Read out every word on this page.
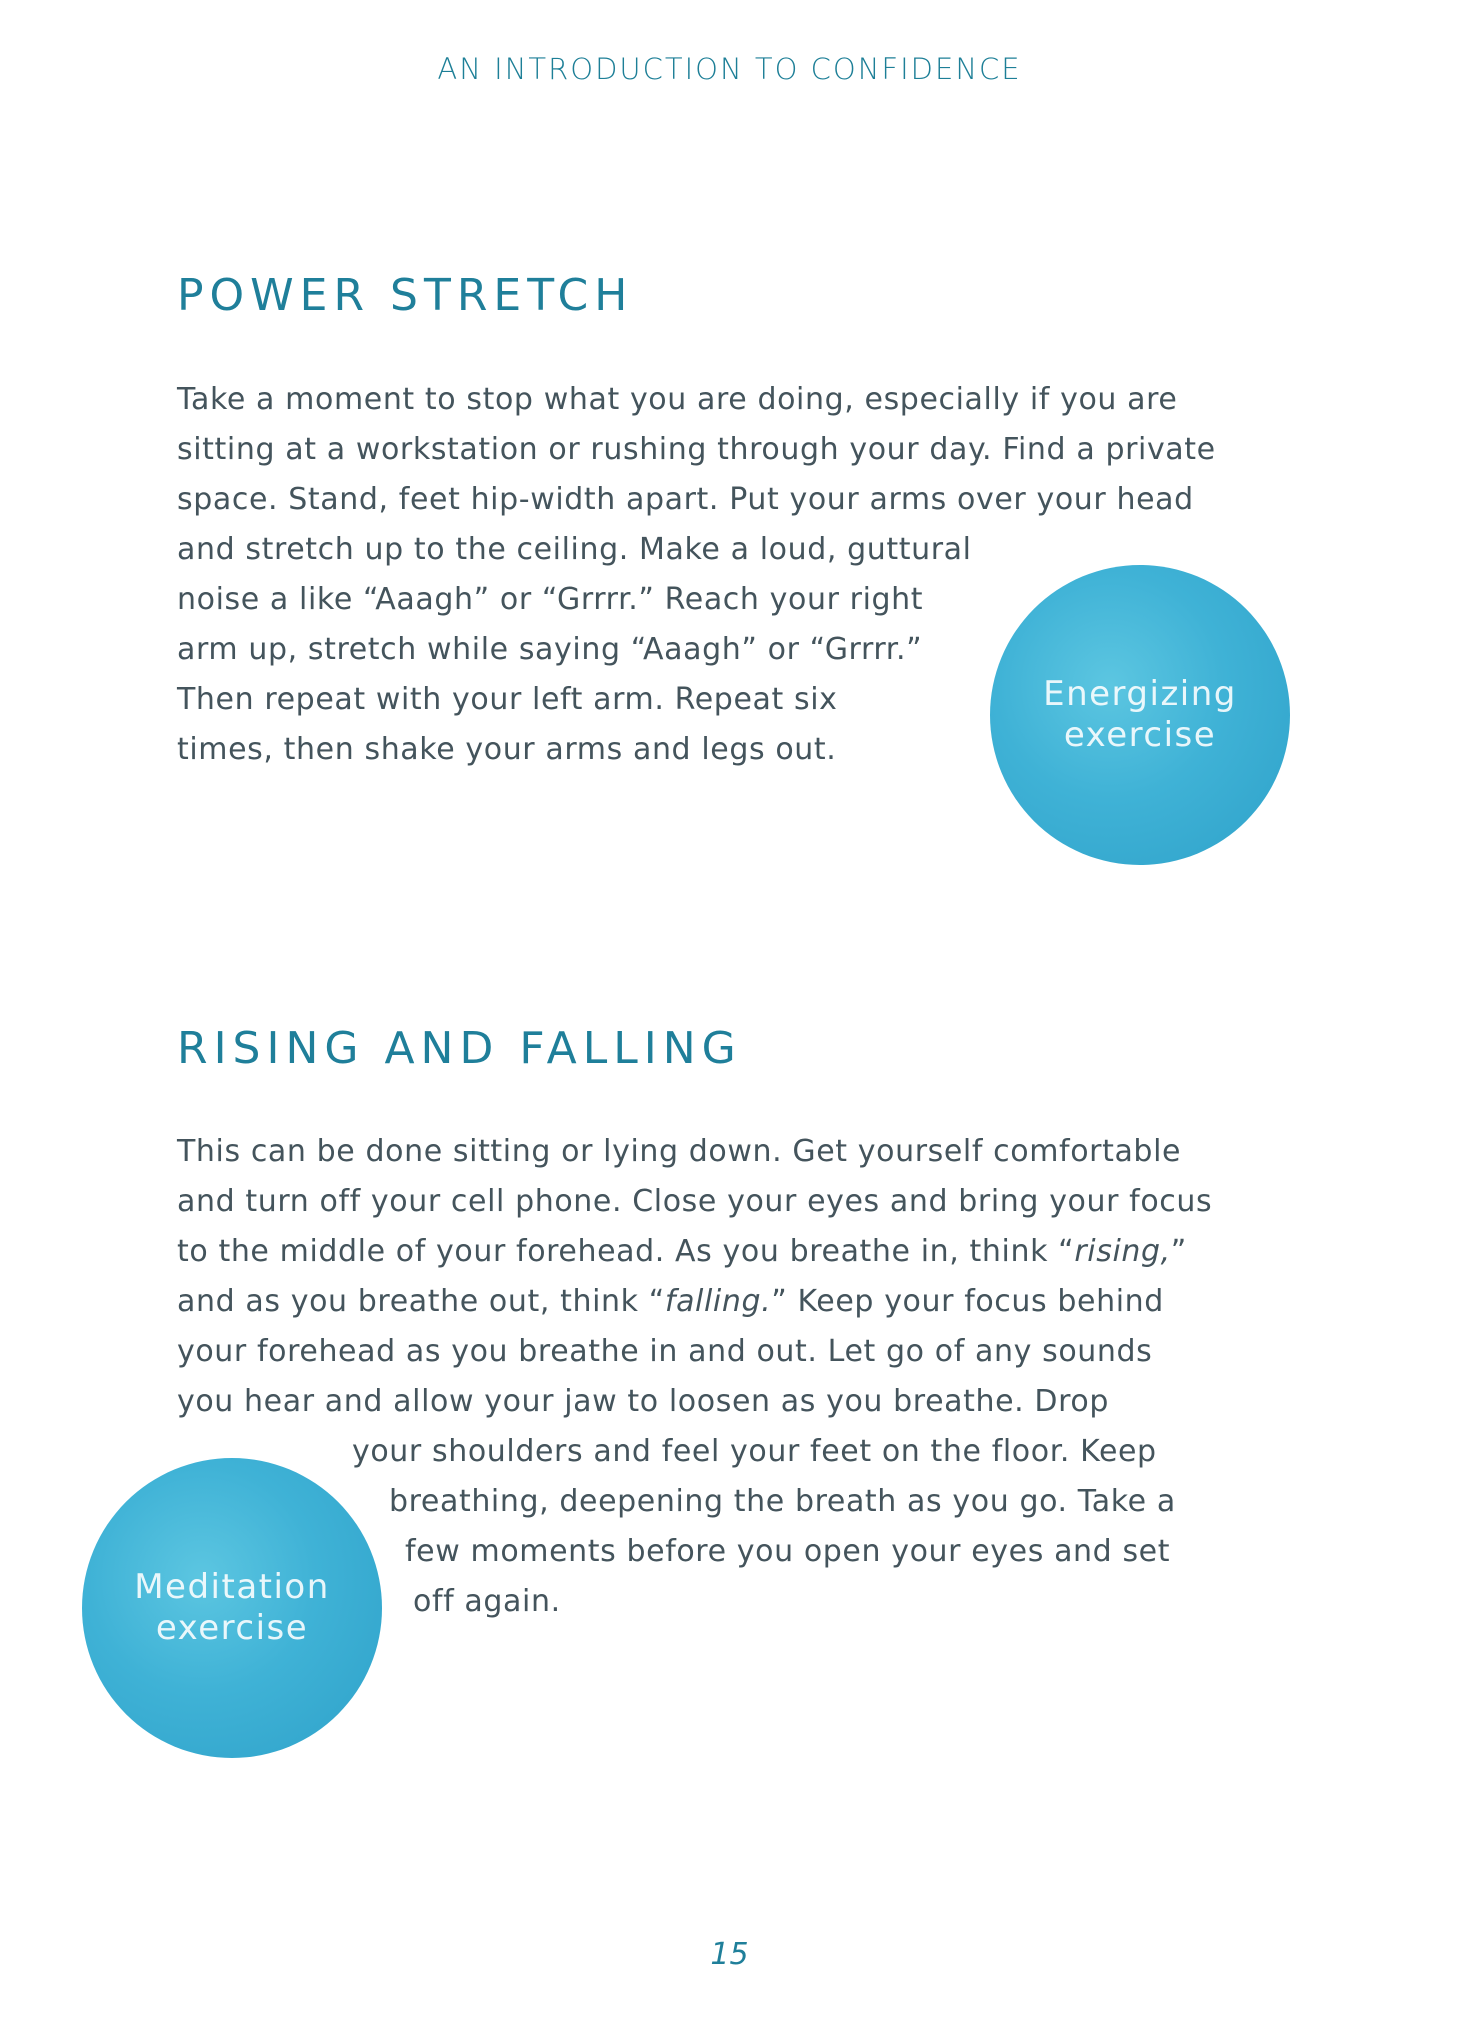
AN INTRODUCTION TO CONFIDENCE
POWER STRETCH
Take a moment to stop what you are doing, especially if you are
sitting at a workstation or rushing through your day. Find a private
space. Stand, feet hip-width apart. Put your arms over your head
and stretch up to the ceiling. Make a loud, guttural
noise a like “Aaagh” or “Grrrr.” Reach your right
arm up, stretch while saying “Aaagh” or “Grrrr.”
Then repeat with your left arm. Repeat six
times, then shake your arms and legs out.
Energizing
exercise
RISING AND FALLING
This can be done sitting or lying down. Get yourself comfortable
and turn off your cell phone. Close your eyes and bring your focus
to the middle of your forehead. As you breathe in, think “rising,”
and as you breathe out, think “falling.” Keep your focus behind
your forehead as you breathe in and out. Let go of any sounds
you hear and allow your jaw to loosen as you breathe. Drop
your shoulders and feel your feet on the floor. Keep
breathing, deepening the breath as you go. Take a
few moments before you open your eyes and set
off again.
Meditation
exercise
15
